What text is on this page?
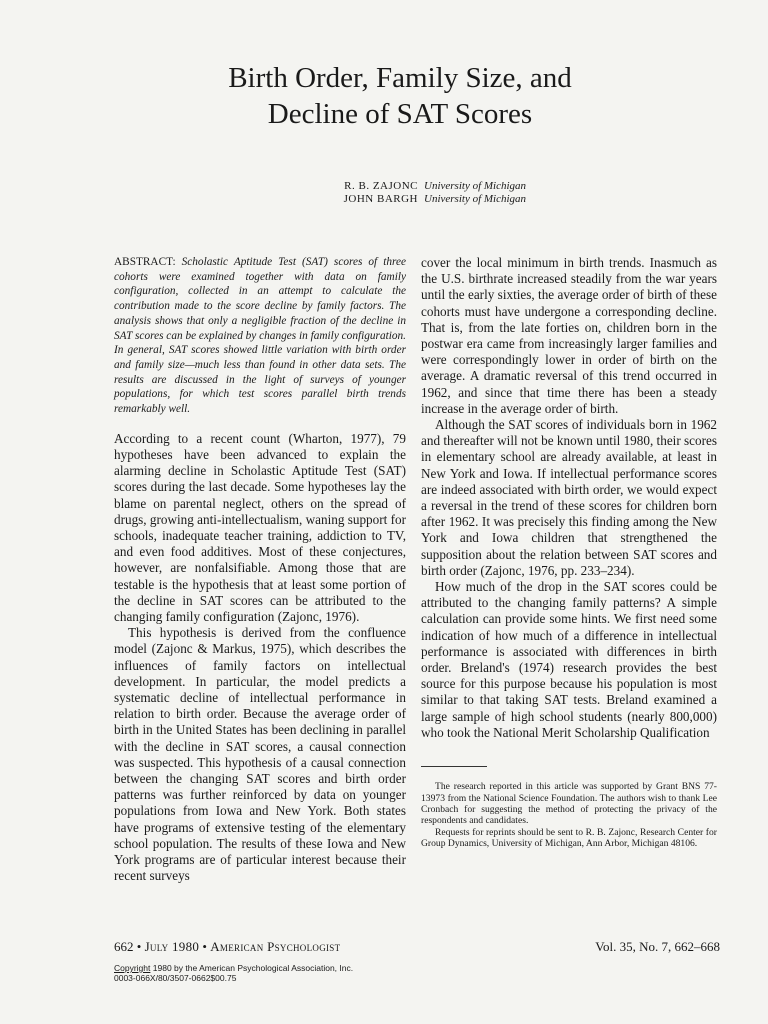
Birth Order, Family Size, and
Decline of SAT Scores
R. B. ZAJONC University of Michigan
JOHN BARGH University of Michigan

ABSTRACT: Scholastic Aptitude Test (SAT) scores of three cohorts were examined together with data on family configuration, collected in an attempt to calculate the contribution made to the score decline by family factors. The analysis shows that only a negligible fraction of the decline in SAT scores can be explained by changes in family configuration. In general, SAT scores showed little variation with birth order and family size—much less than found in other data sets. The results are discussed in the light of surveys of younger populations, for which test scores parallel birth trends remarkably well.

According to a recent count (Wharton, 1977), 79 hypotheses have been advanced to explain the alarming decline in Scholastic Aptitude Test (SAT) scores during the last decade. Some hypotheses lay the blame on parental neglect, others on the spread of drugs, growing anti-intellectualism, waning support for schools, inadequate teacher training, addiction to TV, and even food additives. Most of these conjectures, however, are nonfalsifiable. Among those that are testable is the hypothesis that at least some portion of the decline in SAT scores can be attributed to the changing family configuration (Zajonc, 1976).

This hypothesis is derived from the confluence model (Zajonc & Markus, 1975), which describes the influences of family factors on intellectual development. In particular, the model predicts a systematic decline of intellectual performance in relation to birth order. Because the average order of birth in the United States has been declining in parallel with the decline in SAT scores, a causal connection was suspected. This hypothesis of a causal connection between the changing SAT scores and birth order patterns was further reinforced by data on younger populations from Iowa and New York. Both states have programs of extensive testing of the elementary school population. The results of these Iowa and New York programs are of particular interest because their recent surveys

cover the local minimum in birth trends. Inasmuch as the U.S. birthrate increased steadily from the war years until the early sixties, the average order of birth of these cohorts must have undergone a corresponding decline. That is, from the late forties on, children born in the postwar era came from increasingly larger families and were correspondingly lower in order of birth on the average. A dramatic reversal of this trend occurred in 1962, and since that time there has been a steady increase in the average order of birth.

Although the SAT scores of individuals born in 1962 and thereafter will not be known until 1980, their scores in elementary school are already available, at least in New York and Iowa. If intellectual performance scores are indeed associated with birth order, we would expect a reversal in the trend of these scores for children born after 1962. It was precisely this finding among the New York and Iowa children that strengthened the supposition about the relation between SAT scores and birth order (Zajonc, 1976, pp. 233–234).

How much of the drop in the SAT scores could be attributed to the changing family patterns? A simple calculation can provide some hints. We first need some indication of how much of a difference in intellectual performance is associated with differences in birth order. Breland's (1974) research provides the best source for this purpose because his population is most similar to that taking SAT tests. Breland examined a large sample of high school students (nearly 800,000) who took the National Merit Scholarship Qualification

The research reported in this article was supported by Grant BNS 77-13973 from the National Science Foundation. The authors wish to thank Lee Cronbach for suggesting the method of protecting the privacy of the respondents and candidates.

Requests for reprints should be sent to R. B. Zajonc, Research Center for Group Dynamics, University of Michigan, Ann Arbor, Michigan 48106.

662 • July 1980 • American Psychologist	Vol. 35, No. 7, 662–668
Copyright 1980 by the American Psychological Association, Inc.
0003-066X/80/3507-0662$00.75
